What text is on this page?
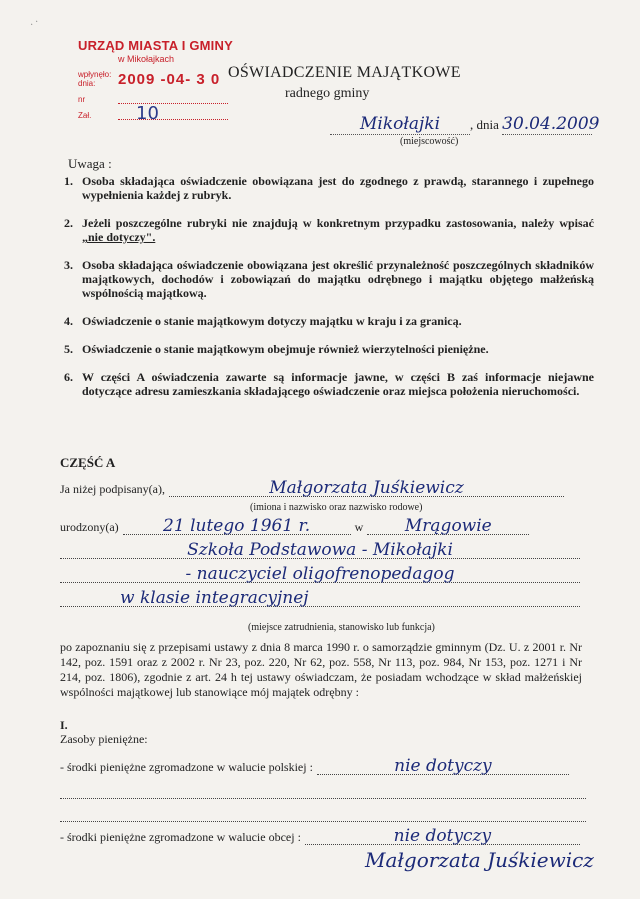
· ·
URZĄD MIASTA I GMINY
w Mikołajkach
wpłynęło: dnia:	2009 -04- 3 0
nr
Zał.	10
OŚWIADCZENIE MAJĄTKOWE
radnego gminy
Mikołajki , dnia 30.04.2009
(miejscowość)
Uwaga :
1. Osoba składająca oświadczenie obowiązana jest do zgodnego z prawdą, starannego i zupełnego wypełnienia każdej z rubryk.
2. Jeżeli poszczególne rubryki nie znajdują w konkretnym przypadku zastosowania, należy wpisać „nie dotyczy".
3. Osoba składająca oświadczenie obowiązana jest określić przynależność poszczególnych składników majątkowych, dochodów i zobowiązań do majątku odrębnego i majątku objętego małżeńską wspólnością majątkową.
4. Oświadczenie o stanie majątkowym dotyczy majątku w kraju i za granicą.
5. Oświadczenie o stanie majątkowym obejmuje również wierzytelności pieniężne.
6. W części A oświadczenia zawarte są informacje jawne, w części B zaś informacje niejawne dotyczące adresu zamieszkania składającego oświadczenie oraz miejsca położenia nieruchomości.
CZĘŚĆ A
Ja niżej podpisany(a),	Małgorzata Juśkiewicz
(imiona i nazwisko oraz nazwisko rodowe)
urodzony(a)	21 lutego 1961 r.	w	Mrągowie
Szkoła Podstawowa - Mikołajki
- nauczyciel oligofrenopedagog
w klasie integracyjnej
(miejsce zatrudnienia, stanowisko lub funkcja)
po zapoznaniu się z przepisami ustawy z dnia 8 marca 1990 r. o samorządzie gminnym (Dz. U. z 2001 r. Nr 142, poz. 1591 oraz z 2002 r. Nr 23, poz. 220, Nr 62, poz. 558, Nr 113, poz. 984, Nr 153, poz. 1271 i Nr 214, poz. 1806), zgodnie z art. 24 h tej ustawy oświadczam, że posiadam wchodzące w skład małżeńskiej wspólności majątkowej lub stanowiące mój majątek odrębny :
I.
Zasoby pieniężne:
- środki pieniężne zgromadzone w walucie polskiej :	nie dotyczy
- środki pieniężne zgromadzone w walucie obcej :	nie dotyczy
Małgorzata Juśkiewicz
